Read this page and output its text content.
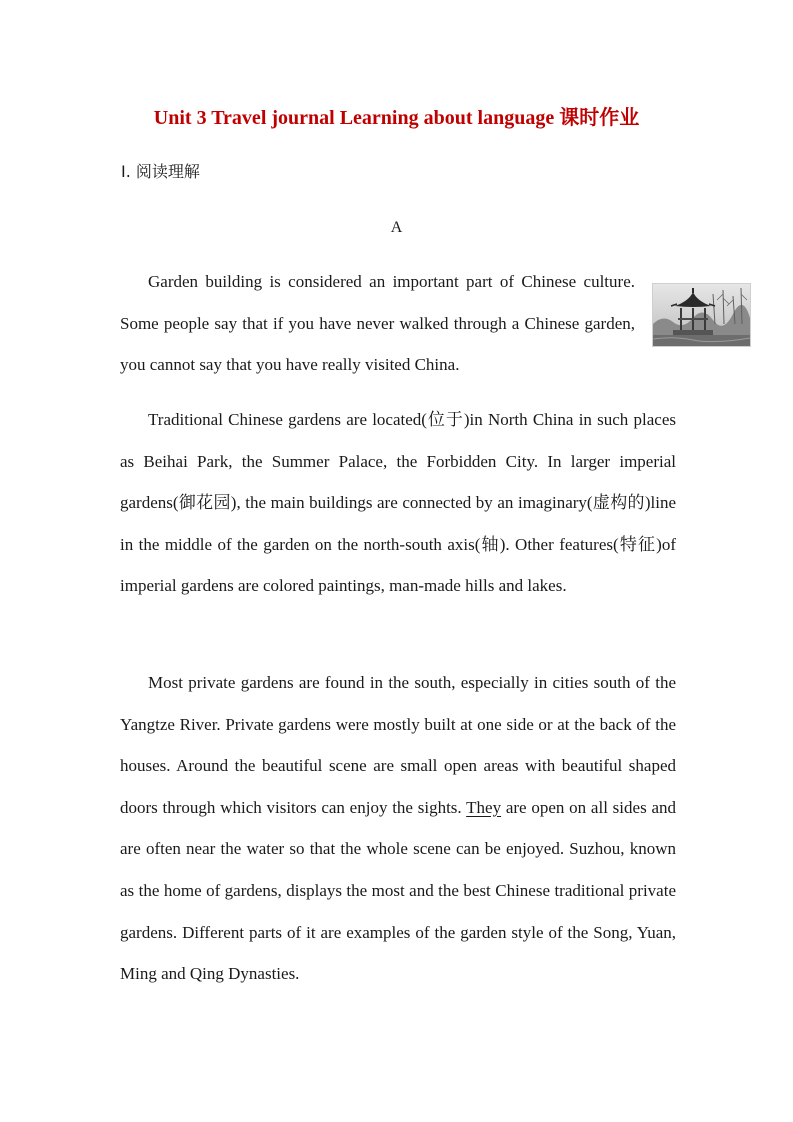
Unit 3 Travel journal Learning about language 课时作业
Ⅰ. 阅读理解
A
Garden building is considered an important part of Chinese culture. Some people say that if you have never walked through a Chinese garden, you cannot say that you have really visited China.
Traditional Chinese gardens are located(位于)in North China in such places as Beihai Park, the Summer Palace, the Forbidden City. In larger imperial gardens(御花园), the main buildings are connected by an imaginary(虚构的)line in the middle of the garden on the north-south axis(轴). Other features(特征)of imperial gardens are colored paintings, man-made hills and lakes.
Most private gardens are found in the south, especially in cities south of the Yangtze River. Private gardens were mostly built at one side or at the back of the houses. Around the beautiful scene are small open areas with beautiful shaped doors through which visitors can enjoy the sights. They are open on all sides and are often near the water so that the whole scene can be enjoyed. Suzhou, known as the home of gardens, displays the most and the best Chinese traditional private gardens. Different parts of it are examples of the garden style of the Song, Yuan, Ming and Qing Dynasties.
